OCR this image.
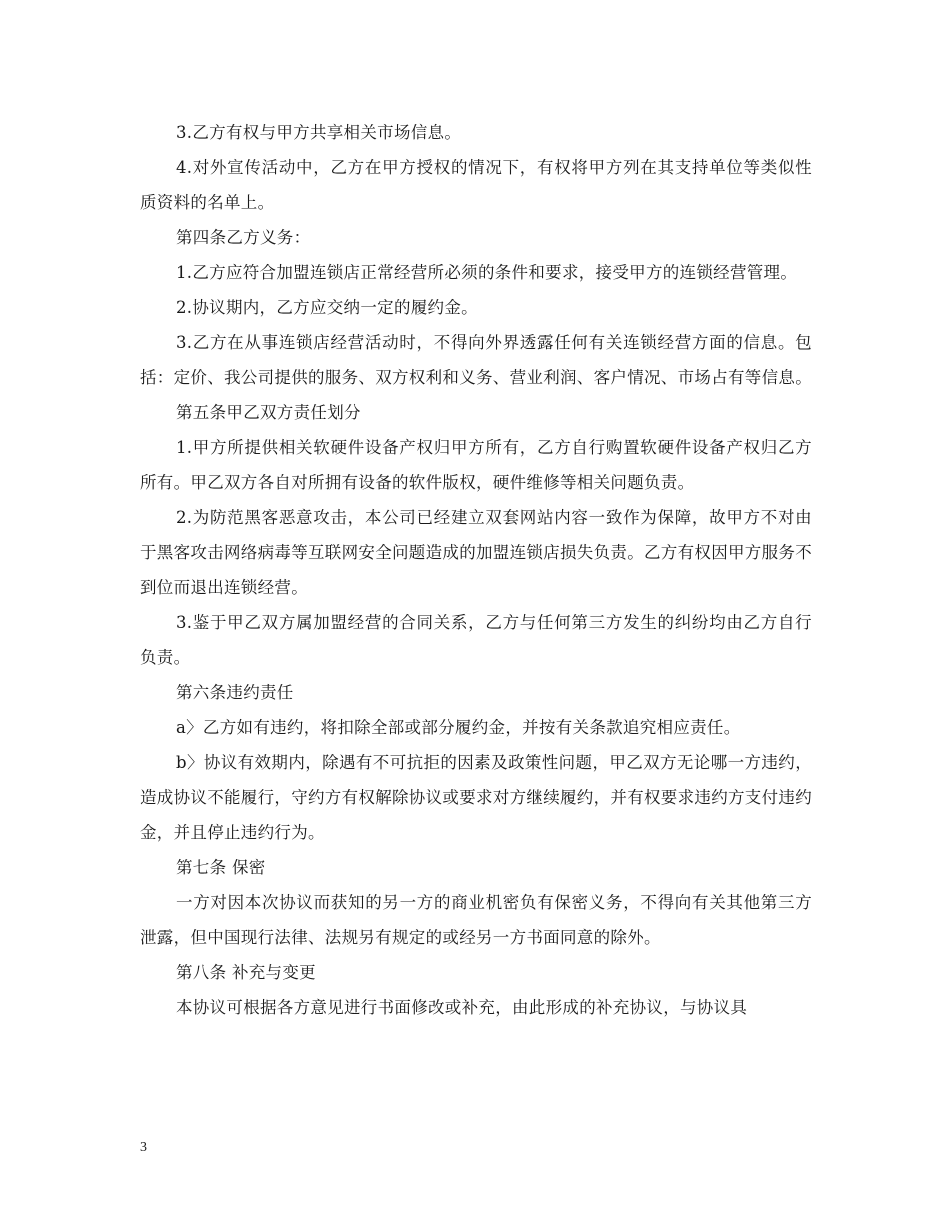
3.乙方有权与甲方共享相关市场信息。

4.对外宣传活动中，乙方在甲方授权的情况下，有权将甲方列在其支持单位等类似性质资料的名单上。

第四条乙方义务：

1.乙方应符合加盟连锁店正常经营所必须的条件和要求，接受甲方的连锁经营管理。

2.协议期内，乙方应交纳一定的履约金。

3.乙方在从事连锁店经营活动时，不得向外界透露任何有关连锁经营方面的信息。包括：定价、我公司提供的服务、双方权利和义务、营业利润、客户情况、市场占有等信息。

第五条甲乙双方责任划分

1.甲方所提供相关软硬件设备产权归甲方所有，乙方自行购置软硬件设备产权归乙方所有。甲乙双方各自对所拥有设备的软件版权，硬件维修等相关问题负责。

2.为防范黑客恶意攻击，本公司已经建立双套网站内容一致作为保障，故甲方不对由于黑客攻击网络病毒等互联网安全问题造成的加盟连锁店损失负责。乙方有权因甲方服务不到位而退出连锁经营。

3.鉴于甲乙双方属加盟经营的合同关系，乙方与任何第三方发生的纠纷均由乙方自行负责。

第六条违约责任

a〉乙方如有违约，将扣除全部或部分履约金，并按有关条款追究相应责任。

b〉协议有效期内，除遇有不可抗拒的因素及政策性问题，甲乙双方无论哪一方违约，造成协议不能履行，守约方有权解除协议或要求对方继续履约，并有权要求违约方支付违约金，并且停止违约行为。

第七条 保密

一方对因本次协议而获知的另一方的商业机密负有保密义务，不得向有关其他第三方泄露，但中国现行法律、法规另有规定的或经另一方书面同意的除外。

第八条 补充与变更

本协议可根据各方意见进行书面修改或补充，由此形成的补充协议，与协议具

3
